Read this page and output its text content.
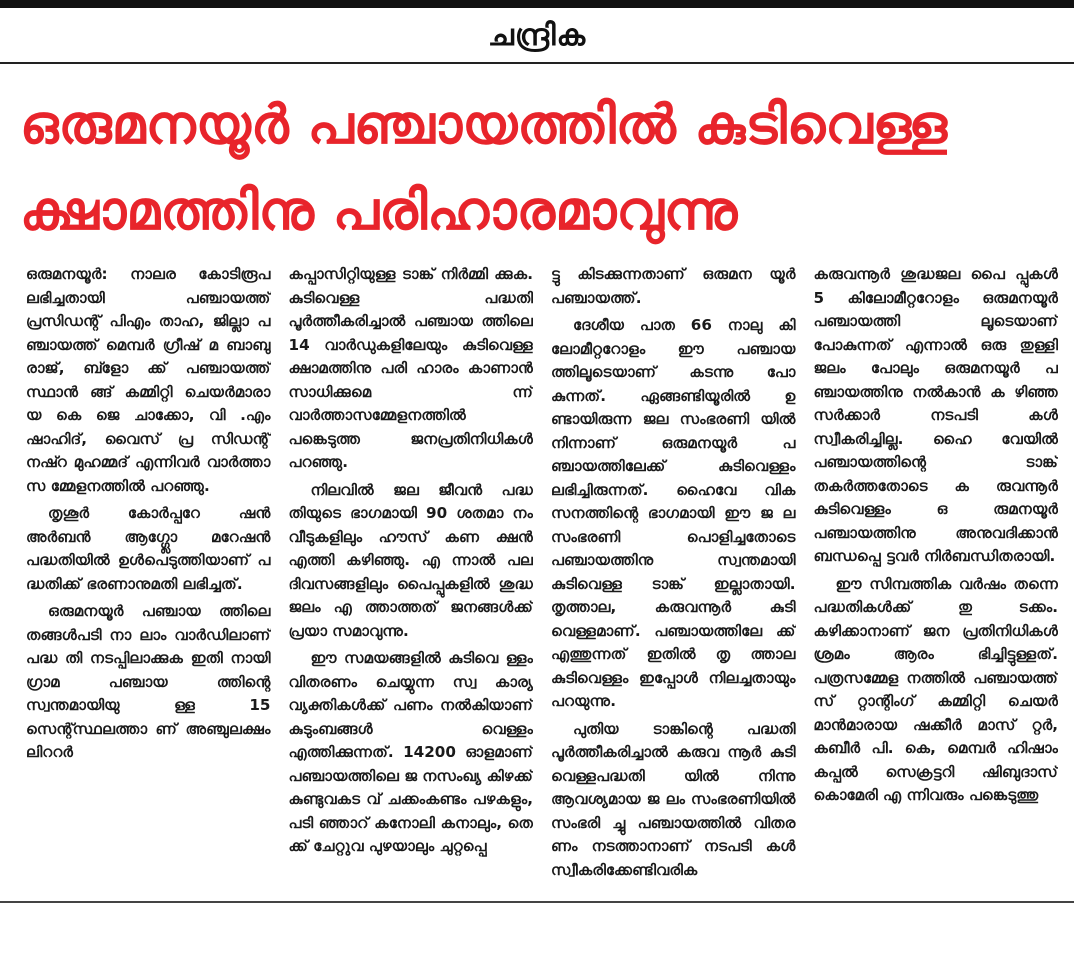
ചന്ദ്രിക
ഒരുമനയൂർ പഞ്ചായത്തിൽ കുടിവെള്ള
ക്ഷാമത്തിനു പരിഹാരമാവുന്നു

ഒരുമനയൂർ: നാലര കോടിരൂപ ലഭിച്ചതായി പഞ്ചായത്ത് പ്രസിഡന്റ് പിഎം താഹ, ജില്ലാ പ ഞ്ചായത്ത് മെമ്പർ ഗ്രീഷ് മ ബാബു രാജ്, ബ്ളോ ക്ക് പഞ്ചായത്ത് സ്ഥാൻ ങ്ങ് കമ്മിറ്റി ചെയർമാരാ യ കെ ജെ ചാക്കോ, വി .എം ഷാഹിദ്, വൈസ് പ്ര സിഡന്റ് നഷ്റ മുഹമ്മദ് എന്നിവർ വാർത്താ സ മ്മേളനത്തിൽ പറഞ്ഞു.

തൃശൂർ കോർപ്പറേ ഷൻ അർബൻ ആഗ്ഗ്ലോ മറേഷൻ പദ്ധതിയിൽ ഉൾപെടുത്തിയാണ് പ ദ്ധതിക്ക് ഭരണാനുമതി ലഭിച്ചത്.

ഒരുമനയൂർ പഞ്ചായ ത്തിലെ തങ്ങൾപടി നാ ലാം വാർഡിലാണ് പദ്ധ തി നടപ്പിലാക്കുക ഇതി നായി ഗ്രാമ പഞ്ചായ ത്തിന്റെ സ്വന്തമായിയു ള്ള 15 സെന്റ്സ്ഥലത്താ ണ് അഞ്ചുലക്ഷം ലിററർ

കപ്പാസിറ്റിയുള്ള ടാങ്ക് നിർമ്മി ക്കുക. കുടിവെള്ള പദ്ധതി പൂർത്തീകരിച്ചാൽ പഞ്ചായ ത്തിലെ 14 വാർഡുകളിലേയും കുടിവെള്ള ക്ഷാമത്തിനു പരി ഹാരം കാണാൻ സാധിക്കുമെ ന്ന് വാർത്താസമ്മേളനത്തിൽ പങ്കെടുത്ത ജനപ്രതിനിധികൾ പറഞ്ഞു.

നിലവിൽ ജല ജീവൻ പദ്ധ തിയുടെ ഭാഗമായി 90 ശതമാ നം വീടുകളിലും ഹൗസ് കണ ക്ഷൻ എത്തി കഴിഞ്ഞു. എ ന്നാൽ പല ദിവസങ്ങളിലും പൈപ്പുകളിൽ ശുദ്ധ ജലം എ ത്താത്തത് ജനങ്ങൾക്ക് പ്രയാ സമാവുന്നു.

ഈ സമയങ്ങളിൽ കുടിവെ ള്ളം വിതരണം ചെയ്യുന്ന സ്വ കാര്യ വ്യക്തികൾക്ക് പണം നൽകിയാണ് കുടുംബങ്ങൾ വെള്ളം എത്തിക്കുന്നത്. 14200 ഓളമാണ് പഞ്ചായത്തിലെ ജ നസംഖ്യ കിഴക്ക് കുണ്ടുവകട വ് ചക്കംകണ്ടം പഴകളും, പടി ഞ്ഞാറ് കനോലി കനാലും, തെ ക്ക് ചേറ്റുവ പുഴയാലും ചുറ്റപ്പെ

ട്ടു കിടക്കുന്നതാണ് ഒരുമന യൂർ പഞ്ചായത്ത്.

ദേശീയ പാത 66 നാലു കി ലോമീറ്ററോളം ഈ പഞ്ചായ ത്തിലൂടെയാണ് കടന്നു പോ കുന്നത്. ഏങ്ങണ്ടിയൂരിൽ ഉ ണ്ടായിരുന്ന ജല സംഭരണി യിൽ നിന്നാണ് ഒരുമനയൂർ പ ഞ്ചായത്തിലേക്ക് കുടിവെള്ളം ലഭിച്ചിരുന്നത്. ഹൈവേ വിക സനത്തിന്റെ ഭാഗമായി ഈ ജ ല സംഭരണി പൊളിച്ചതോടെ പഞ്ചായത്തിനു സ്വന്തമായി കുടിവെള്ള ടാങ്ക് ഇല്ലാതായി. തൃത്താല, കരുവന്നൂർ കുടി വെള്ളമാണ്. പഞ്ചായത്തിലേ ക്ക് എത്തുന്നത് ഇതിൽ തൃ ത്താല കുടിവെള്ളം ഇപ്പോൾ നിലച്ചതായും പറയുന്നു.

പുതിയ ടാങ്കിന്റെ പദ്ധതി പൂർത്തീകരിച്ചാൽ കരുവ ന്നൂർ കുടി വെള്ളപദ്ധതി യിൽ നിന്നു ആവശ്യമായ ജ ലം സംഭരണിയിൽ സംഭരി ച്ചു പഞ്ചായത്തിൽ വിതര ണം നടത്താനാണ് നടപടി കൾ സ്വീകരിക്കേണ്ടിവരിക

കരുവന്നൂർ ശുദ്ധജല പൈ പ്പുകൾ 5 കിലോമീറ്ററോളം ഒരുമനയൂർ പഞ്ചായത്തി ലൂടെയാണ് പോകുന്നത് എന്നാൽ ഒരു തുള്ളി ജലം പോലും ഒരുമനയൂർ പ ഞ്ചായത്തിനു നൽകാൻ ക ഴിഞ്ഞ സർക്കാർ നടപടി കൾ സ്വീകരിച്ചില്ല. ഹൈ വേയിൽ പഞ്ചായത്തിന്റെ ടാങ്ക് തകർത്തതോടെ ക രുവന്നൂർ കുടിവെള്ളം ഒ രുമനയൂർ പഞ്ചായത്തിനു അനുവദിക്കാൻ ബന്ധപ്പെ ട്ടവർ നിർബന്ധിതരായി.

ഈ സിമ്പത്തിക വർഷം തന്നെ പദ്ധതികൾക്ക് തു ടക്കം. കഴിക്കാനാണ് ജന പ്രതിനിധികൾ ശ്രമം ആരം ഭിച്ചിട്ടുള്ളത്. പത്രസമ്മേള നത്തിൽ പഞ്ചായത്ത് സ് റ്റാന്റിംഗ് കമ്മിറ്റി ചെയർ മാൻമാരായ ഷക്കീർ മാസ് റ്റർ, കബീർ പി. കെ, മെമ്പർ ഹിഷാം കപ്പൽ സെക്രട്ടറി ഷിബുദാസ് കൊമേരി എ ന്നിവരും പങ്കെടുത്തു
